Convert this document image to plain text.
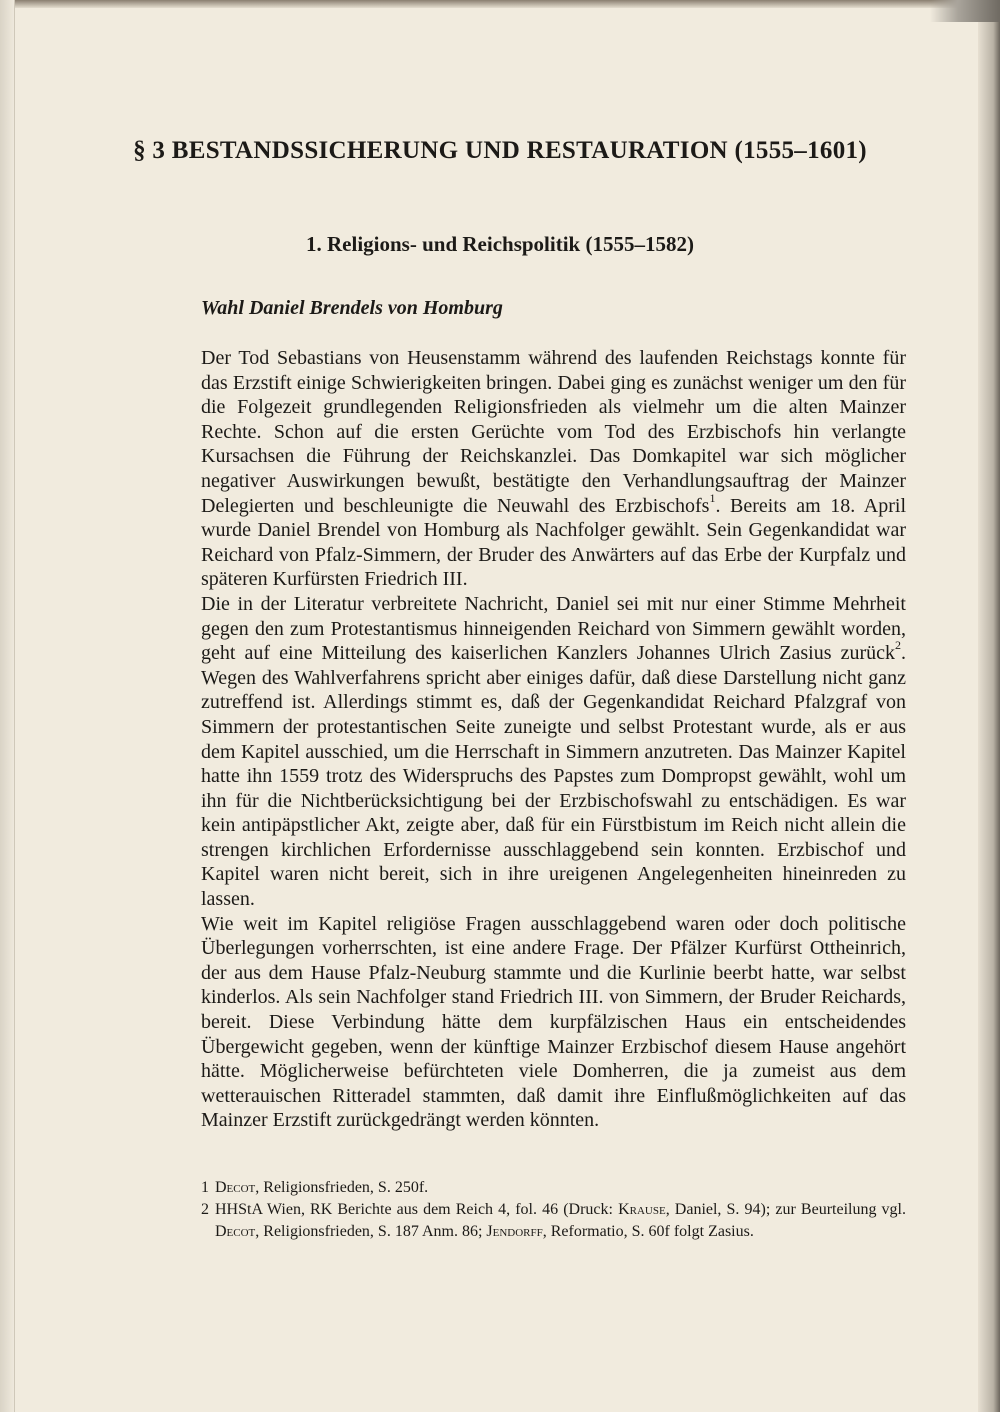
§ 3 BESTANDSSICHERUNG UND RESTAURATION (1555–1601)
1. Religions- und Reichspolitik (1555–1582)
Wahl Daniel Brendels von Homburg

Der Tod Sebastians von Heusenstamm während des laufenden Reichstags konnte für das Erzstift einige Schwierigkeiten bringen. Dabei ging es zunächst weniger um den für die Folgezeit grundlegenden Religionsfrieden als vielmehr um die alten Mainzer Rechte. Schon auf die ersten Gerüchte vom Tod des Erzbischofs hin verlangte Kursachsen die Führung der Reichskanzlei. Das Domkapitel war sich möglicher negativer Auswirkungen bewußt, bestätigte den Verhandlungsauftrag der Mainzer Delegierten und beschleunigte die Neuwahl des Erzbischofs$^1$. Bereits am 18. April wurde Daniel Brendel von Homburg als Nachfolger gewählt. Sein Gegenkandidat war Reichard von Pfalz-Simmern, der Bruder des Anwärters auf das Erbe der Kurpfalz und späteren Kurfürsten Friedrich III.

Die in der Literatur verbreitete Nachricht, Daniel sei mit nur einer Stimme Mehrheit gegen den zum Protestantismus hinneigenden Reichard von Simmern gewählt worden, geht auf eine Mitteilung des kaiserlichen Kanzlers Johannes Ulrich Zasius zurück$^2$. Wegen des Wahlverfahrens spricht aber einiges dafür, daß diese Darstellung nicht ganz zutreffend ist. Allerdings stimmt es, daß der Gegenkandidat Reichard Pfalzgraf von Simmern der protestantischen Seite zuneigte und selbst Protestant wurde, als er aus dem Kapitel ausschied, um die Herrschaft in Simmern anzutreten. Das Mainzer Kapitel hatte ihn 1559 trotz des Widerspruchs des Papstes zum Dompropst gewählt, wohl um ihn für die Nichtberücksichtigung bei der Erzbischofswahl zu entschädigen. Es war kein antipäpstlicher Akt, zeigte aber, daß für ein Fürstbistum im Reich nicht allein die strengen kirchlichen Erfordernisse ausschlaggebend sein konnten. Erzbischof und Kapitel waren nicht bereit, sich in ihre ureigenen Angelegenheiten hineinreden zu lassen.

Wie weit im Kapitel religiöse Fragen ausschlaggebend waren oder doch politische Überlegungen vorherrschten, ist eine andere Frage. Der Pfälzer Kurfürst Ottheinrich, der aus dem Hause Pfalz-Neuburg stammte und die Kurlinie beerbt hatte, war selbst kinderlos. Als sein Nachfolger stand Friedrich III. von Simmern, der Bruder Reichards, bereit. Diese Verbindung hätte dem kurpfälzischen Haus ein entscheidendes Übergewicht gegeben, wenn der künftige Mainzer Erzbischof diesem Hause angehört hätte. Möglicherweise befürchteten viele Domherren, die ja zumeist aus dem wetterauischen Ritteradel stammten, daß damit ihre Einflußmöglichkeiten auf das Mainzer Erzstift zurückgedrängt werden könnten.

1 Decot, Religionsfrieden, S. 250f.
2 HHStA Wien, RK Berichte aus dem Reich 4, fol. 46 (Druck: Krause, Daniel, S. 94); zur Beurteilung vgl. Decot, Religionsfrieden, S. 187 Anm. 86; Jendorff, Reformatio, S. 60f folgt Zasius.
